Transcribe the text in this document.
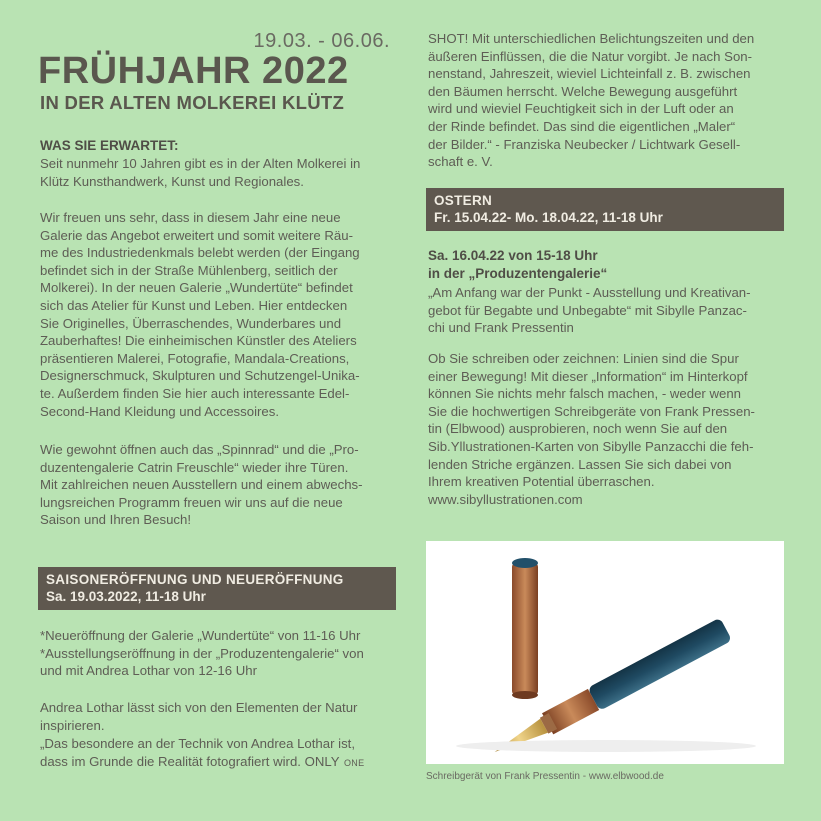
19.03. - 06.06.
FRÜHJAHR 2022
IN DER ALTEN MOLKEREI KLÜTZ
WAS SIE ERWARTET:
Seit nunmehr 10 Jahren gibt es in der Alten Molkerei in
Klütz Kunsthandwerk, Kunst und Regionales.
Wir freuen uns sehr, dass in diesem Jahr eine neue
Galerie das Angebot erweitert und somit weitere Räu-
me des Industriedenkmals belebt werden (der Eingang
befindet sich in der Straße Mühlenberg, seitlich der
Molkerei). In der neuen Galerie „Wundertüte“ befindet
sich das Atelier für Kunst und Leben. Hier entdecken
Sie Originelles, Überraschendes, Wunderbares und
Zauberhaftes! Die einheimischen Künstler des Ateliers
präsentieren Malerei, Fotografie, Mandala-Creations,
Designerschmuck, Skulpturen und Schutzengel-Unika-
te. Außerdem finden Sie hier auch interessante Edel-
Second-Hand Kleidung und Accessoires.
Wie gewohnt öffnen auch das „Spinnrad“ und die „Pro-
duzentengalerie Catrin Freuschle“ wieder ihre Türen.
Mit zahlreichen neuen Ausstellern und einem abwechs-
lungsreichen Programm freuen wir uns auf die neue
Saison und Ihren Besuch!
SAISONERÖFFNUNG UND NEUERÖFFNUNG
Sa. 19.03.2022, 11-18 Uhr
*Neueröffnung der Galerie „Wundertüte“ von 11-16 Uhr
*Ausstellungseröffnung in der „Produzentengalerie“ von
und mit Andrea Lothar von 12-16 Uhr
Andrea Lothar lässt sich von den Elementen der Natur
inspirieren.
„Das besondere an der Technik von Andrea Lothar ist,
dass im Grunde die Realität fotografiert wird. ONLY ONE
SHOT! Mit unterschiedlichen Belichtungszeiten und den
äußeren Einflüssen, die die Natur vorgibt. Je nach Son-
nenstand, Jahreszeit, wieviel Lichteinfall z. B. zwischen
den Bäumen herrscht. Welche Bewegung ausgeführt
wird und wieviel Feuchtigkeit sich in der Luft oder an
der Rinde befindet. Das sind die eigentlichen „Maler“
der Bilder.“ - Franziska Neubecker / Lichtwark Gesell-
schaft e. V.
OSTERN
Fr. 15.04.22- Mo. 18.04.22, 11-18 Uhr
Sa. 16.04.22 von 15-18 Uhr
in der „Produzentengalerie“
„Am Anfang war der Punkt - Ausstellung und Kreativan-
gebot für Begabte und Unbegabte“ mit Sibylle Panzac-
chi und Frank Pressentin
Ob Sie schreiben oder zeichnen: Linien sind die Spur
einer Bewegung! Mit dieser „Information“ im Hinterkopf
können Sie nichts mehr falsch machen, - weder wenn
Sie die hochwertigen Schreibgeräte von Frank Pressen-
tin (Elbwood) ausprobieren, noch wenn Sie auf den
Sib.Yllustrationen-Karten von Sibylle Panzacchi die feh-
lenden Striche ergänzen. Lassen Sie sich dabei von
Ihrem kreativen Potential überraschen.
www.sibyllustrationen.com
Schreibgerät von Frank Pressentin - www.elbwood.de
